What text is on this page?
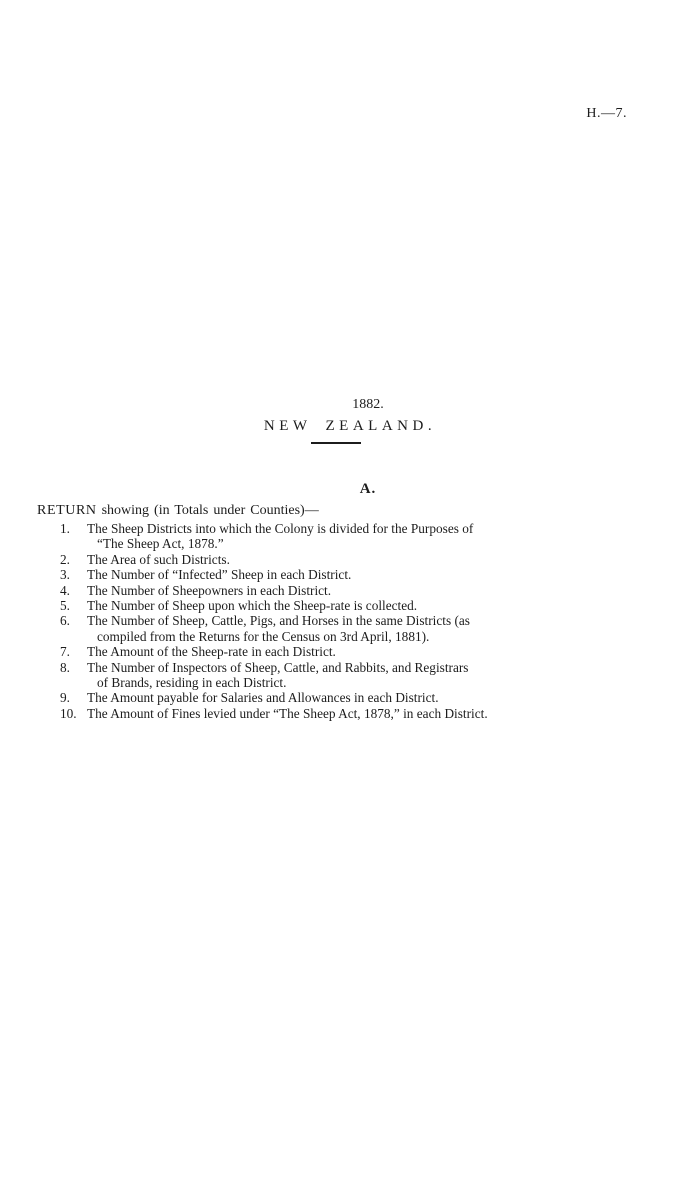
H.—7.
1882.
NEW ZEALAND.
A.
RETURN showing (in Totals under Counties)—
1.	The Sheep Districts into which the Colony is divided for the Purposes of
“The Sheep Act, 1878.”
2.	The Area of such Districts.
3.	The Number of “Infected” Sheep in each District.
4.	The Number of Sheepowners in each District.
5.	The Number of Sheep upon which the Sheep-rate is collected.
6.	The Number of Sheep, Cattle, Pigs, and Horses in the same Districts (as
compiled from the Returns for the Census on 3rd April, 1881).
7.	The Amount of the Sheep-rate in each District.
8.	The Number of Inspectors of Sheep, Cattle, and Rabbits, and Registrars
of Brands, residing in each District.
9.	The Amount payable for Salaries and Allowances in each District.
10. The Amount of Fines levied under “The Sheep Act, 1878,” in each District.
